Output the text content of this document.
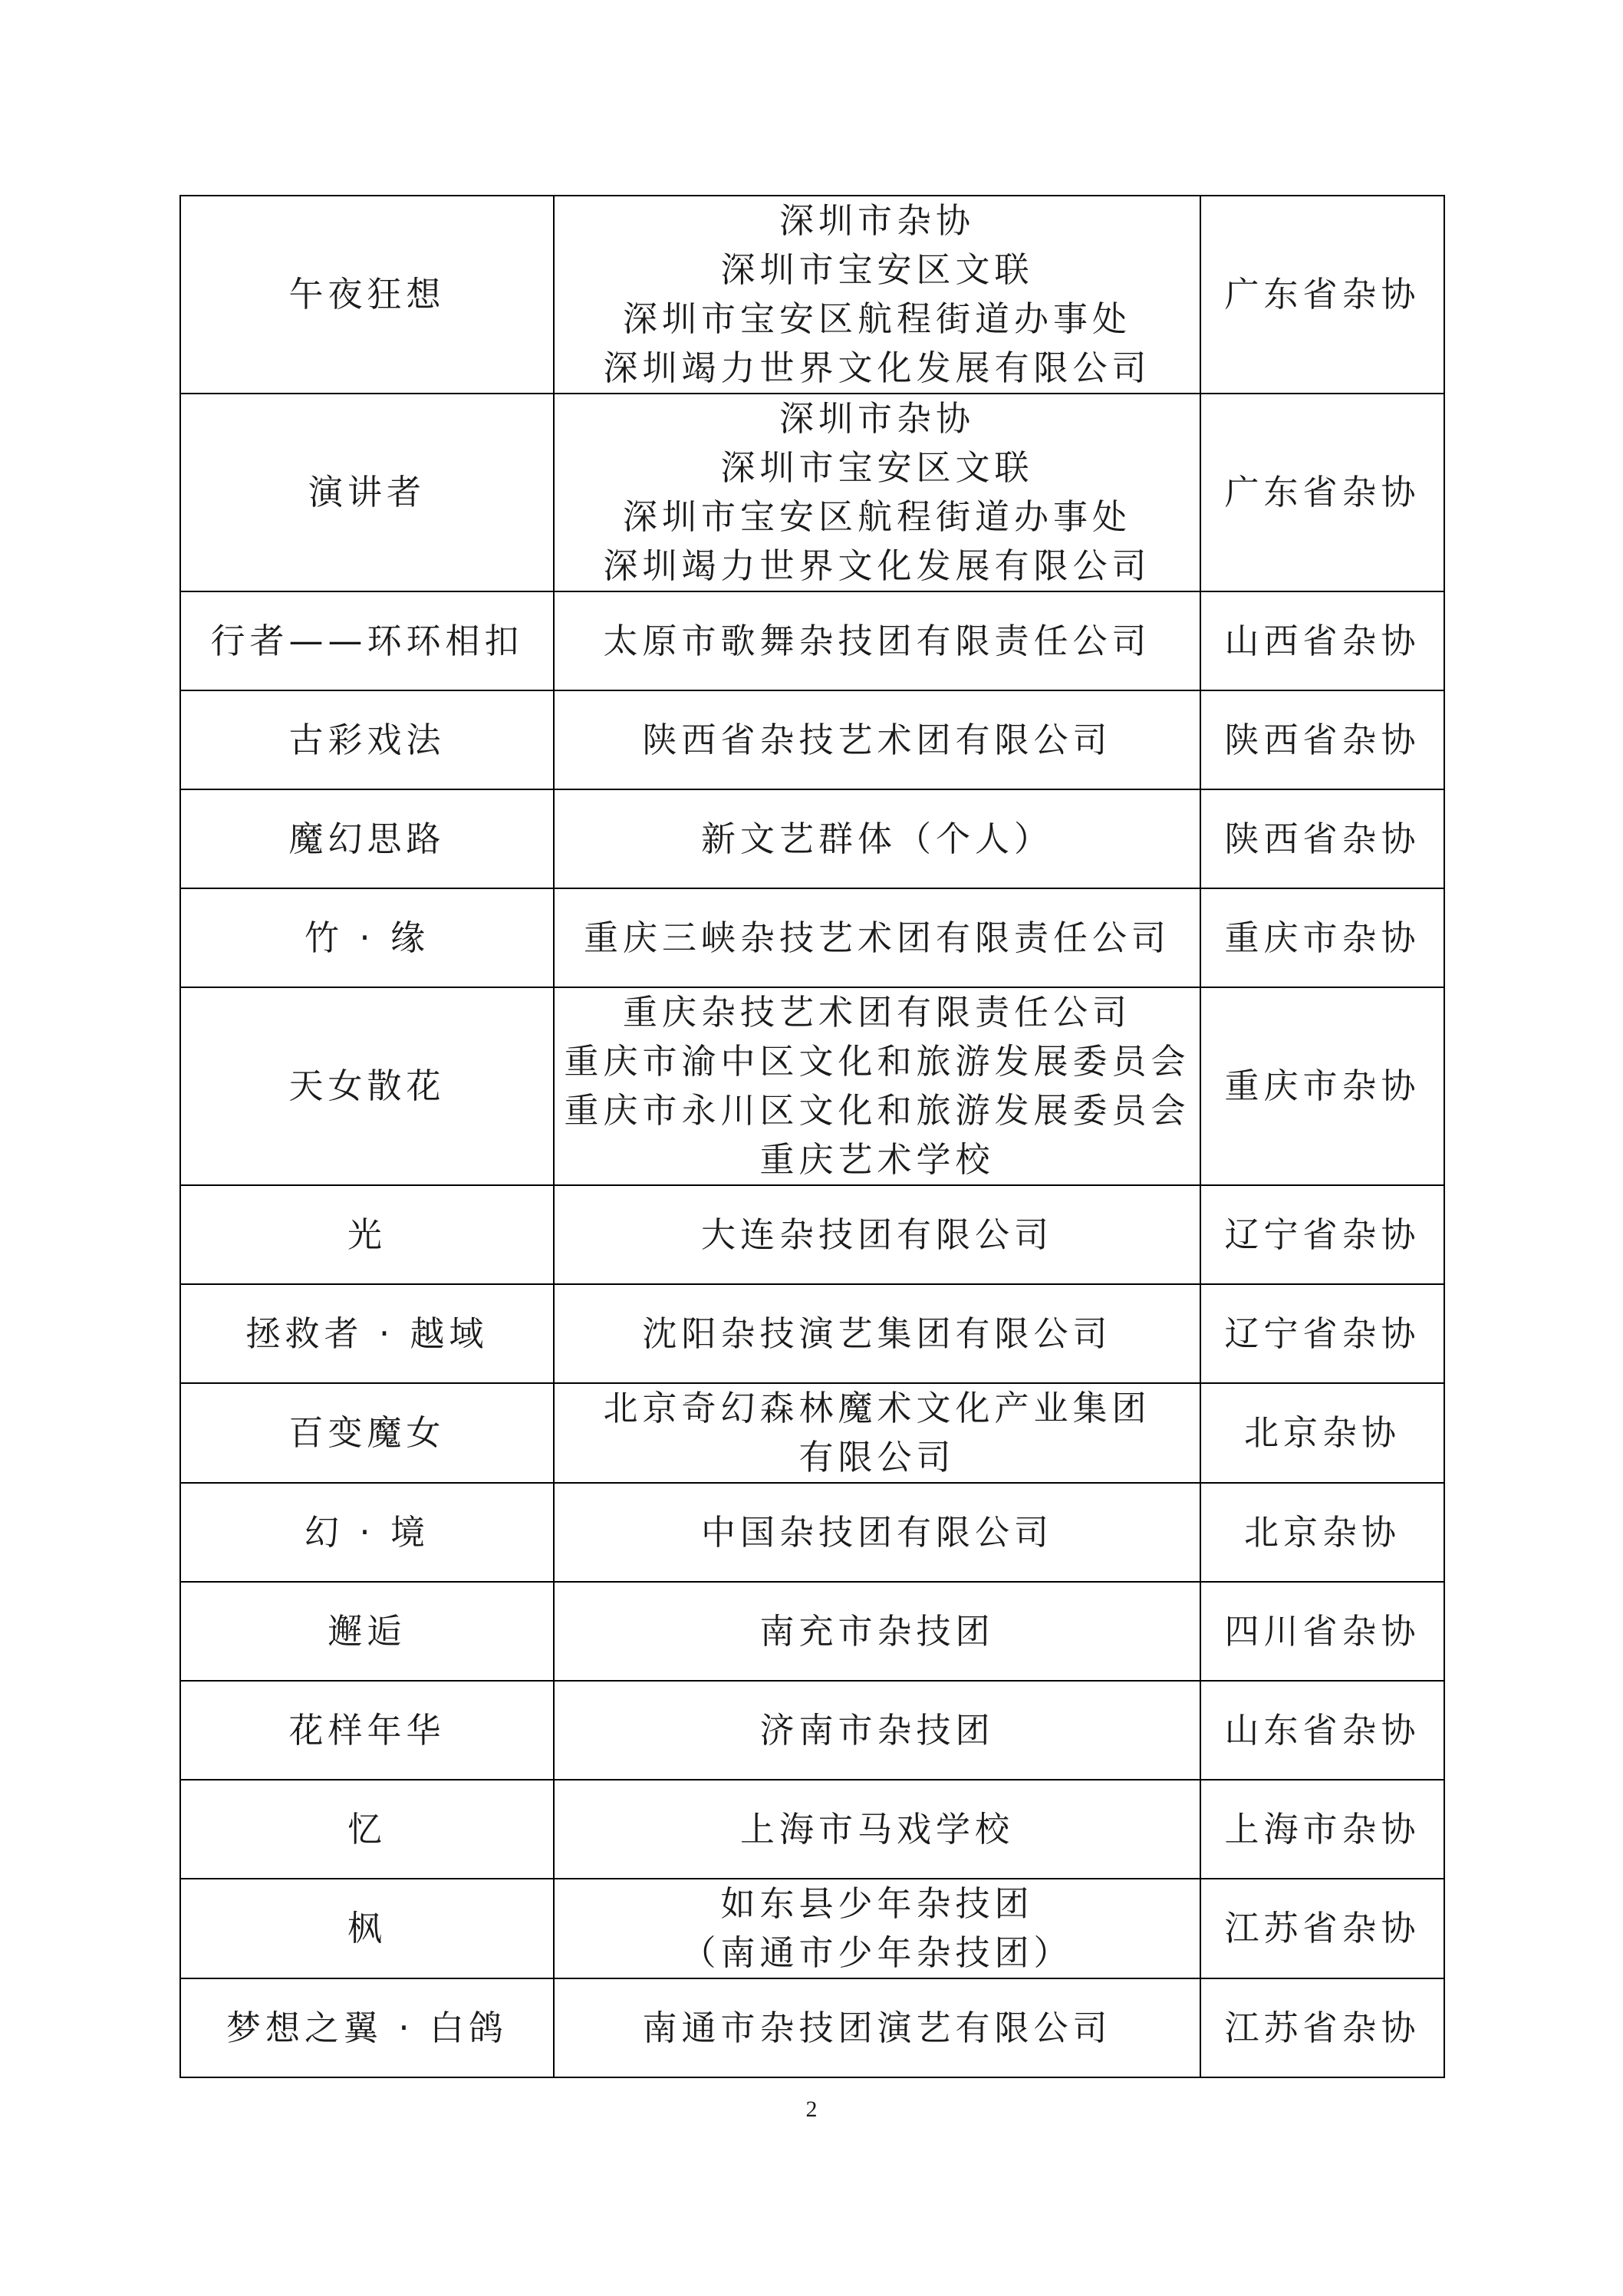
午夜狂想	深圳市杂协
深圳市宝安区文联
深圳市宝安区航程街道办事处
深圳竭力世界文化发展有限公司	广东省杂协
演讲者	深圳市杂协
深圳市宝安区文联
深圳市宝安区航程街道办事处
深圳竭力世界文化发展有限公司	广东省杂协
行者——环环相扣	太原市歌舞杂技团有限责任公司	山西省杂协
古彩戏法	陕西省杂技艺术团有限公司	陕西省杂协
魔幻思路	新文艺群体（个人）	陕西省杂协
竹 · 缘	重庆三峡杂技艺术团有限责任公司	重庆市杂协
天女散花	重庆杂技艺术团有限责任公司
重庆市渝中区文化和旅游发展委员会
重庆市永川区文化和旅游发展委员会
重庆艺术学校	重庆市杂协
光	大连杂技团有限公司	辽宁省杂协
拯救者 · 越域	沈阳杂技演艺集团有限公司	辽宁省杂协
百变魔女	北京奇幻森林魔术文化产业集团
有限公司	北京杂协
幻 · 境	中国杂技团有限公司	北京杂协
邂逅	南充市杂技团	四川省杂协
花样年华	济南市杂技团	山东省杂协
忆	上海市马戏学校	上海市杂协
枫	如东县少年杂技团
（南通市少年杂技团）	江苏省杂协
梦想之翼 · 白鸽	南通市杂技团演艺有限公司	江苏省杂协
2
